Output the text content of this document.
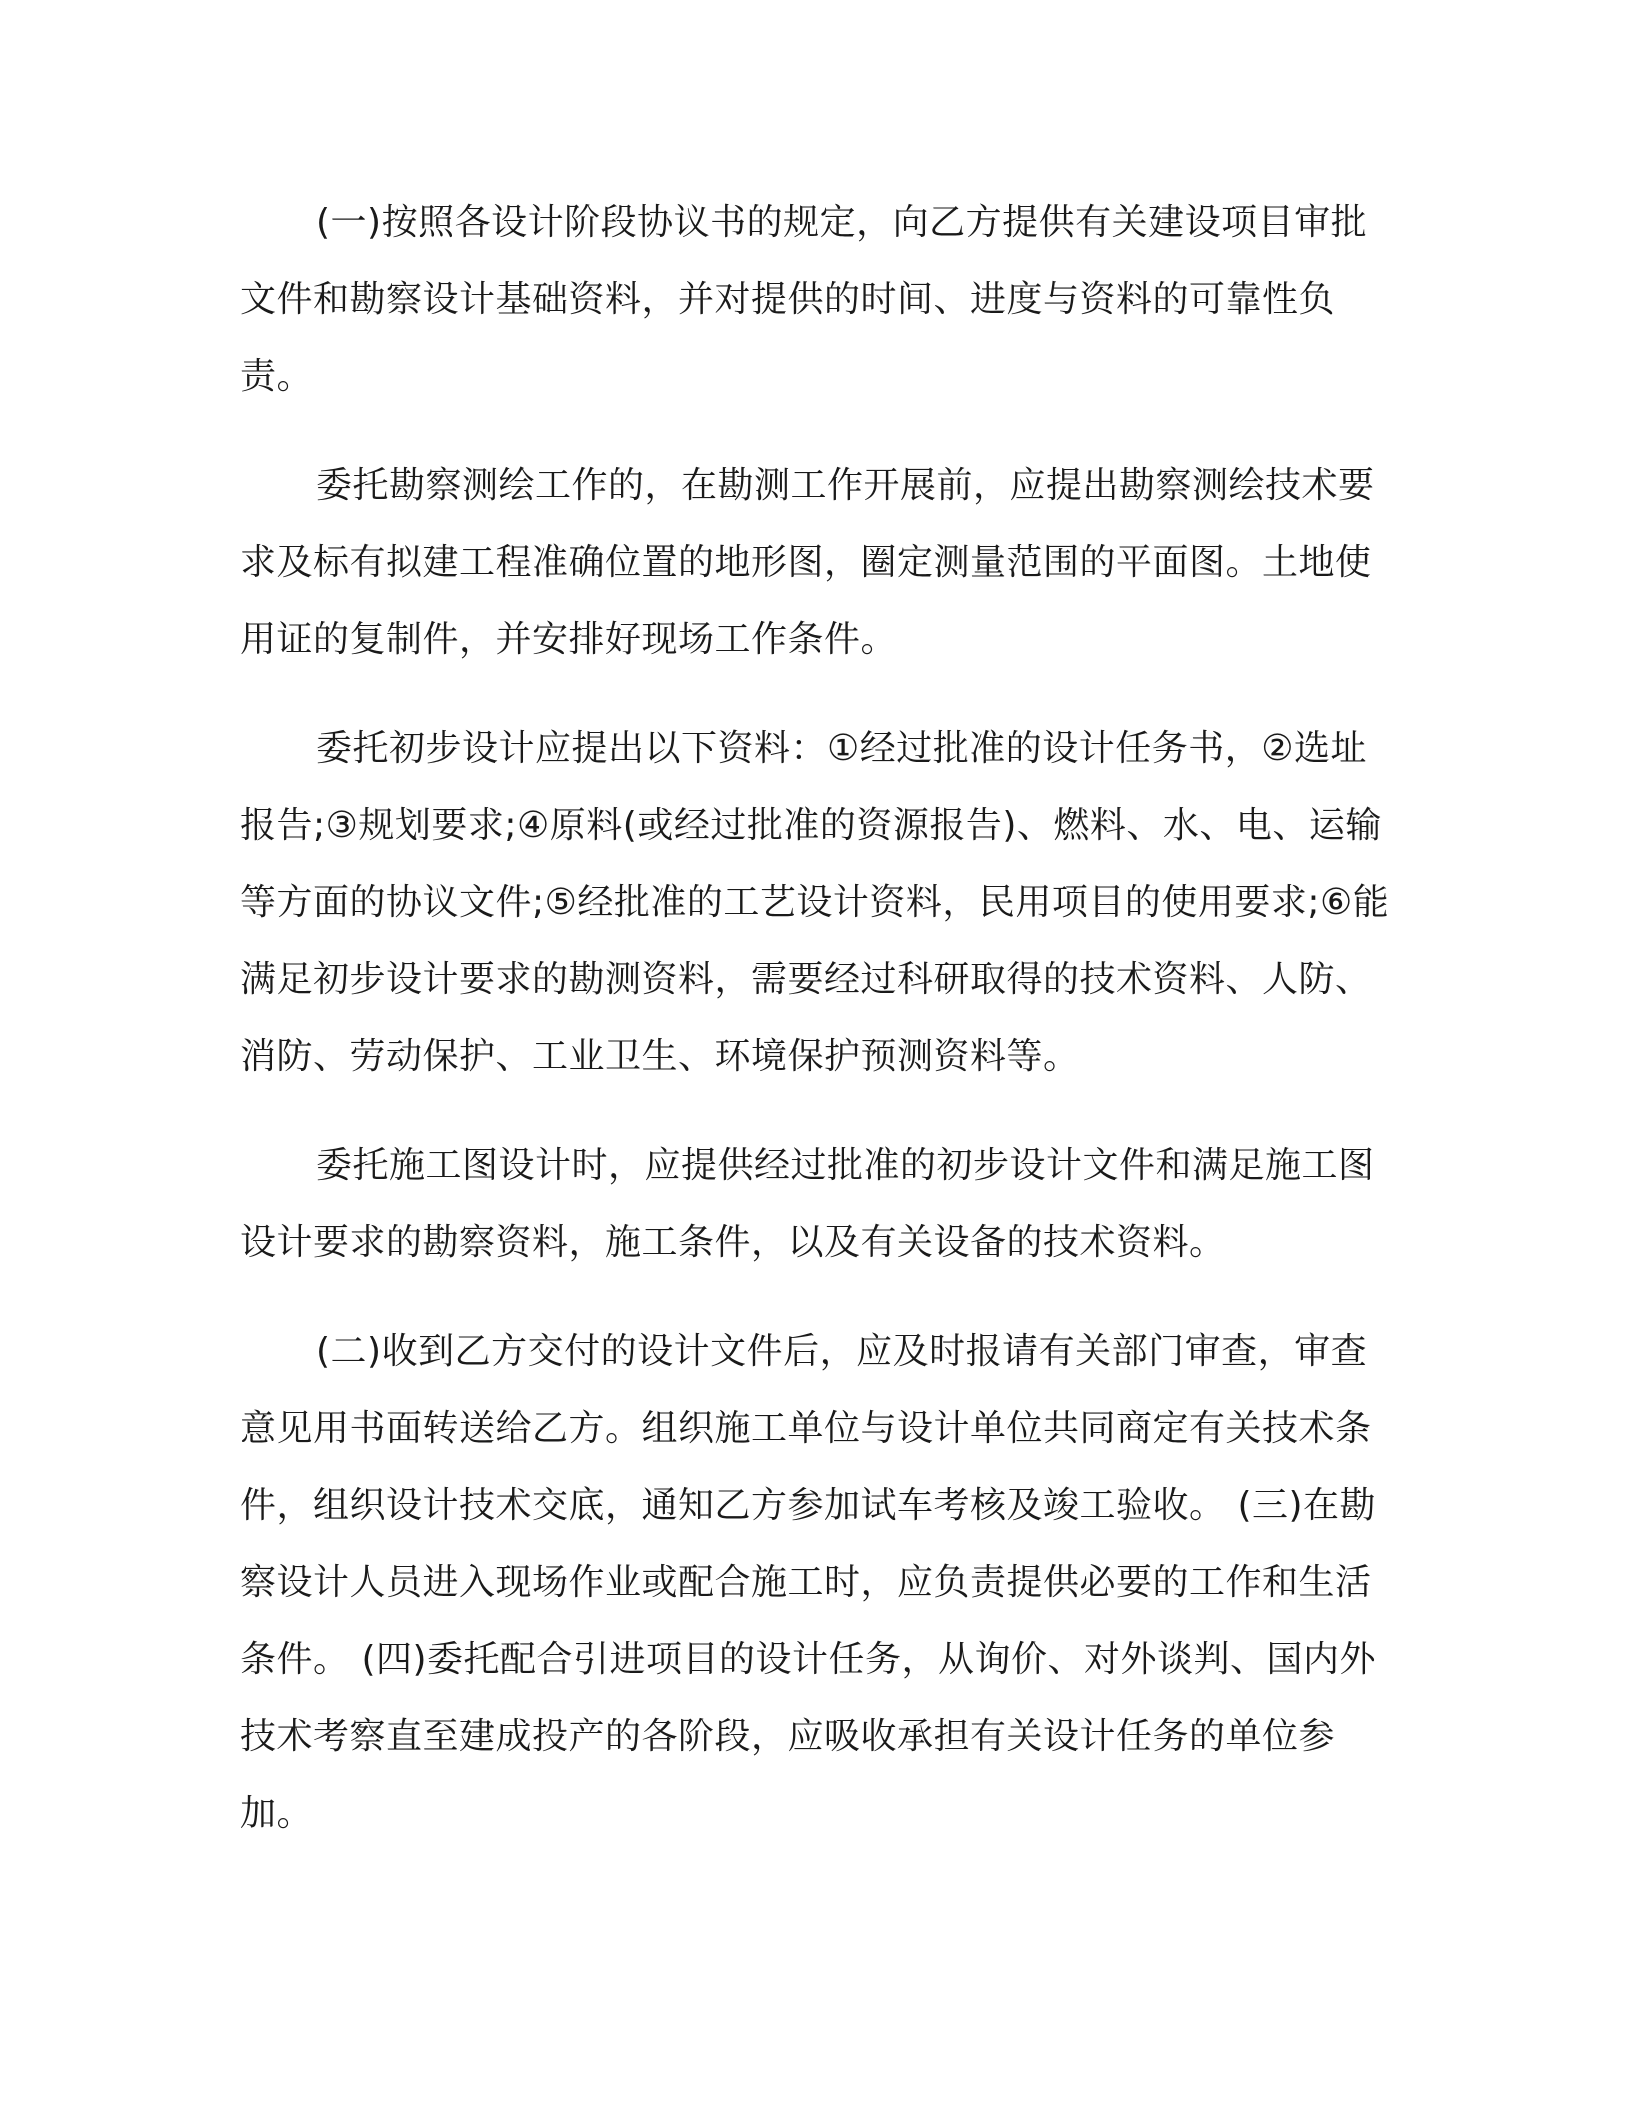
(一)按照各设计阶段协议书的规定，向乙方提供有关建设项目审批文件和勘察设计基础资料，并对提供的时间、进度与资料的可靠性负责。

委托勘察测绘工作的，在勘测工作开展前，应提出勘察测绘技术要求及标有拟建工程准确位置的地形图，圈定测量范围的平面图。土地使用证的复制件，并安排好现场工作条件。

委托初步设计应提出以下资料：①经过批准的设计任务书，②选址报告;③规划要求;④原料(或经过批准的资源报告)、燃料、水、电、运输等方面的协议文件;⑤经批准的工艺设计资料，民用项目的使用要求;⑥能满足初步设计要求的勘测资料，需要经过科研取得的技术资料、人防、消防、劳动保护、工业卫生、环境保护预测资料等。

委托施工图设计时，应提供经过批准的初步设计文件和满足施工图设计要求的勘察资料，施工条件，以及有关设备的技术资料。

(二)收到乙方交付的设计文件后，应及时报请有关部门审查，审查意见用书面转送给乙方。组织施工单位与设计单位共同商定有关技术条件，组织设计技术交底，通知乙方参加试车考核及竣工验收。 (三)在勘察设计人员进入现场作业或配合施工时，应负责提供必要的工作和生活条件。 (四)委托配合引进项目的设计任务，从询价、对外谈判、国内外技术考察直至建成投产的各阶段，应吸收承担有关设计任务的单位参加。
